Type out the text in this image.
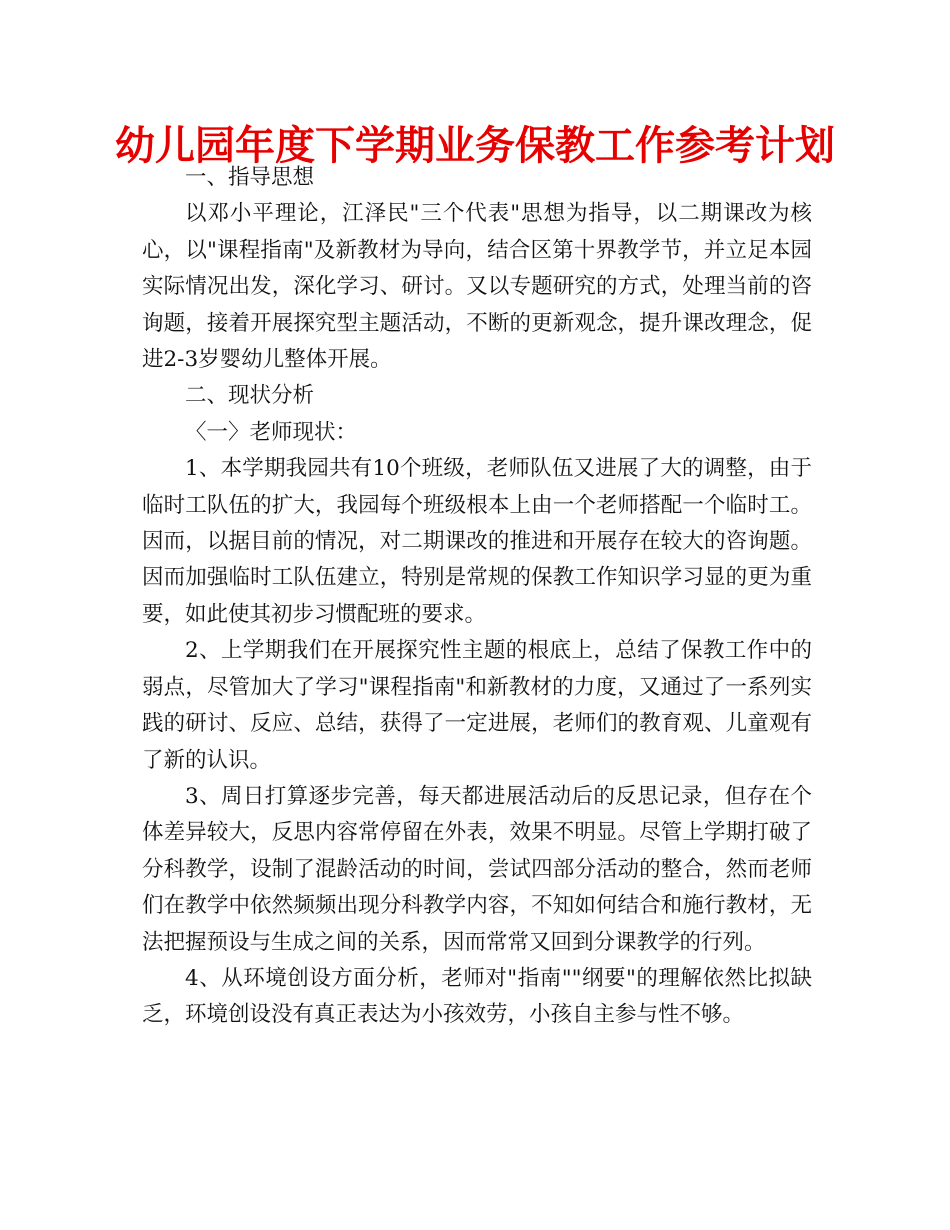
幼儿园年度下学期业务保教工作参考计划

一、指导思想

以邓小平理论，江泽民"三个代表"思想为指导，以二期课改为核心，以"课程指南"及新教材为导向，结合区第十界教学节，并立足本园实际情况出发，深化学习、研讨。又以专题研究的方式，处理当前的咨询题，接着开展探究型主题活动，不断的更新观念，提升课改理念，促进2-3岁婴幼儿整体开展。

二、现状分析

〈一〉老师现状：

1、本学期我园共有10个班级，老师队伍又进展了大的调整，由于临时工队伍的扩大，我园每个班级根本上由一个老师搭配一个临时工。因而，以据目前的情况，对二期课改的推进和开展存在较大的咨询题。因而加强临时工队伍建立，特别是常规的保教工作知识学习显的更为重要，如此使其初步习惯配班的要求。

2、上学期我们在开展探究性主题的根底上，总结了保教工作中的弱点，尽管加大了学习"课程指南"和新教材的力度，又通过了一系列实践的研讨、反应、总结，获得了一定进展，老师们的教育观、儿童观有了新的认识。

3、周日打算逐步完善，每天都进展活动后的反思记录，但存在个体差异较大，反思内容常停留在外表，效果不明显。尽管上学期打破了分科教学，设制了混龄活动的时间，尝试四部分活动的整合，然而老师们在教学中依然频频出现分科教学内容，不知如何结合和施行教材，无法把握预设与生成之间的关系，因而常常又回到分课教学的行列。

4、从环境创设方面分析，老师对"指南""纲要"的理解依然比拟缺乏，环境创设没有真正表达为小孩效劳，小孩自主参与性不够。
